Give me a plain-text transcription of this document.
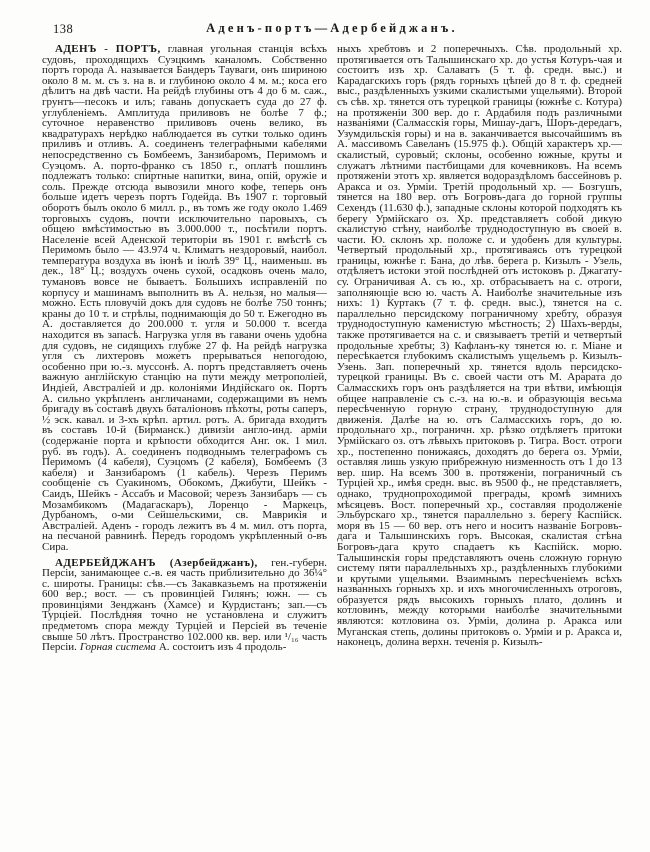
138	Аденъ-портъ—Адербейджанъ.

АДЕНЪ - ПОРТЪ, главная угольная станція всѣхъ судовъ, проходящихъ Суэцкимъ каналомъ. Собственно портъ города А. называется Бандеръ Тауваги, онъ шириною около 8 м. м. съ з. на в. и глубиною около 4 м. м.; коса его дѣлитъ на двѣ части. На рейдѣ глубины отъ 4 до 6 м. саж., грунтъ—песокъ и илъ; гавань допускаетъ суда до 27 ф. углубленіемъ. Амплитуда приливовъ не болѣе 7 ф.; суточное неравенство приливовъ очень велико, въ квадратурахъ нерѣдко наблюдается въ сутки только одинъ приливъ и отливъ. А. соединенъ телеграфными кабелями непосредственно съ Бомбеемъ, Занзибаромъ, Перимомъ и Суэцомъ. А. порто-франко съ 1850 г., оплатѣ пошлинъ подлежатъ только: спиртные напитки, вина, опій, оружіе и соль. Прежде отсюда вывозили много кофе, теперь онъ больше идетъ черезъ портъ Годейда. Въ 1907 г. торговый оборотъ былъ около 6 милл. р., въ томъ же году около 1.469 торговыхъ судовъ, почти исключительно паровыхъ, съ общею вмѣстимостью въ 3.000.000 т., посѣтили портъ. Населеніе всей Аденской територіи въ 1901 г. вмѣстѣ съ Перимомъ было — 43.974 ч. Климатъ нездоровый, наибол. температура воздуха въ іюнѣ и іюлѣ 39° Ц., наименьш. въ дек., 18° Ц.; воздухъ очень сухой, осадковъ очень мало, тумановъ вовсе не бываетъ. Большихъ исправленій по корпусу и машинамъ выполнить въ А. нельзя, но малыя—можно. Есть пловучій докъ для судовъ не болѣе 750 тоннъ; краны до 10 т. и стрѣлы, поднимающія до 50 т. Ежегодно въ А. доставляется до 200.000 т. угля и 50.000 т. всегда находится въ запасѣ. Нагрузка угля въ гавани очень удобна для судовъ, не сидящихъ глубже 27 ф. На рейдѣ нагрузка угля съ лихтеровъ можетъ прерываться непогодою, особенно при ю.-з. муссонѣ. А. портъ представляетъ очень важную англійскую станцію на пути между метрополіей, Индіей, Австраліей и др. колоніями Индійскаго ок. Портъ А. сильно укрѣпленъ англичанами, содержащими въ немъ бригаду въ составѣ двухъ баталіоновъ пѣхоты, роты саперъ, ½ эск. кавал. и 3-хъ крѣп. артил. ротъ. А. бригада входитъ въ составъ 10-й (Бирманск.) дивизіи англо-инд. арміи (содержаніе порта и крѣпости обходится Анг. ок. 1 мил. руб. въ годъ). А. соединенъ подводнымъ телеграфомъ съ Перимомъ (4 кабеля), Суэцомъ (2 кабеля), Бомбеемъ (3 кабеля) и Занзибаромъ (1 кабель). Черезъ Перимъ сообщеніе съ Суакиномъ, Обокомъ, Джибути, Шейкъ - Саидъ, Шейкъ - Ассабъ и Масовой; черезъ Занзибаръ — съ Мозамбикомъ (Мадагаскаръ), Лоренцо - Маркецъ, Дурбаномъ, о-ми Сейшельскими, св. Маврикія и Австраліей. Аденъ - городъ лежитъ въ 4 м. мил. отъ порта, на песчаной равнинѣ. Передъ городомъ укрѣпленный о-въ Сира.

АДЕРБЕЙДЖАНЪ (Азербейджанъ), ген.-губерн. Персіи, занимающее с.-в. ея часть приблизительно до 36¼° с. широты. Границы: сѣв.—съ Закавказьемъ на протяженіи 600 вер.; вост. — съ провинціей Гилянъ; южн. — съ провинціями Зенджанъ (Хамсе) и Курдистанъ; зап.—съ Турціей. Послѣдняя точно не установлена и служитъ предметомъ спора между Турціей и Персіей въ теченіе свыше 50 лѣтъ. Пространство 102.000 кв. вер. или ¹/₁₆ часть Персіи. Горная система А. состоитъ изъ 4 продоль-

ныхъ хребтовъ и 2 поперечныхъ. Сѣв. продольный хр. протягивается отъ Талышинскаго хр. до устья Котуръ-чая и состоитъ изъ хр. Салаватъ (5 т. ф. средн. выс.) и Карадагскихъ горъ (рядъ горныхъ цѣпей до 8 т. ф. средней выс., раздѣленныхъ узкими скалистыми ущельями). Второй съ сѣв. хр. тянется отъ турецкой границы (южнѣе с. Котура) на протяженіи 300 вер. до г. Ардабиля подъ различными названіями (Салмасскія горы, Мишау-дагъ, Шоръ-дередагъ, Узумдильскія горы) и на в. заканчивается высочайшимъ въ А. массивомъ Савеланъ (15.975 ф.). Общій характеръ хр.—скалистый, суровый; склоны, особенно южные, круты и служатъ лѣтними пастбищами для кочевниковъ. На всемъ протяженіи этотъ хр. является водораздѣломъ бассейновъ р. Аракса и оз. Урміи. Третій продольный хр. — Бозгушъ, тянется на 180 вер. отъ Богровъ-дага до горной группы Сехендъ (11.630 ф.), западные склоны которой подходятъ къ берегу Урмійскаго оз. Хр. представляетъ собой дикую скалистую стѣну, наиболѣе труднодоступную въ своей в. части. Ю. склонъ хр. положе с. и удобенъ для культуры. Четвертый продольный хр., протягиваясь отъ турецкой границы, южнѣе г. Бана, до лѣв. берега р. Кизылъ - Узель, отдѣляетъ истоки этой послѣдней отъ истоковъ р. Джагату-су. Ограничивая А. съ ю., хр. отбрасываетъ на с. отроги, заполняющіе всю ю. часть А. Наиболѣе значительные изъ нихъ: 1) Куртакъ (7 т. ф. средн. выс.), тянется на с. параллельно персидскому пограничному хребту, образуя труднодоступную каменистую мѣстность; 2) Шахъ-верды, также протягивается на с. и связываетъ третій и четвертый продольные хребты; 3) Кафланъ-ку тянется ю. г. Міане и пересѣкается глубокимъ скалистымъ ущельемъ р. Кизылъ-Узень. Зап. поперечный хр. тянется вдоль персидско-турецкой границы. Въ с. своей части отъ М. Арарата до Салмасскихъ горъ онъ раздѣляется на три вѣтви, имѣющія общее направленіе съ с.-з. на ю.-в. и образующія весьма пересѣченную горную страну, труднодоступную для движенія. Далѣе на ю. отъ Салмасскихъ горъ, до ю. продольнаго хр., пограничн. хр. рѣзко отдѣляетъ притоки Урмійскаго оз. отъ лѣвыхъ притоковъ р. Тигра. Вост. отроги хр., постепенно понижаясь, доходятъ до берега оз. Урміи, оставляя лишь узкую прибрежную низменность отъ 1 до 13 вер. шир. На всемъ 300 в. протяженіи, пограничный съ Турціей хр., имѣя средн. выс. въ 9500 ф., не представляетъ, однако, труднопроходимой преграды, кромѣ зимнихъ мѣсяцевъ. Вост. поперечный хр., составляя продолженіе Эльбурскаго хр., тянется параллельно з. берегу Каспійск. моря въ 15 — 60 вер. отъ него и носитъ названіе Богровъ-дага и Талышинскихъ горъ. Высокая, скалистая стѣна Богровъ-дага круто спадаетъ къ Каспійск. морю. Талышинскія горы представляютъ очень сложную горную систему пяти параллельныхъ хр., раздѣленныхъ глубокими и крутыми ущельями. Взаимнымъ пересѣченіемъ всѣхъ названныхъ горныхъ хр. и ихъ многочисленныхъ отроговъ, образуется рядъ высокихъ горныхъ плато, долинъ и котловинъ, между которыми наиболѣе значительными являются: котловина оз. Урміи, долина р. Аракса или Муганская степь, долины притоковъ о. Урміи и р. Аракса и, наконецъ, долина верхн. теченія р. Кизылъ-
